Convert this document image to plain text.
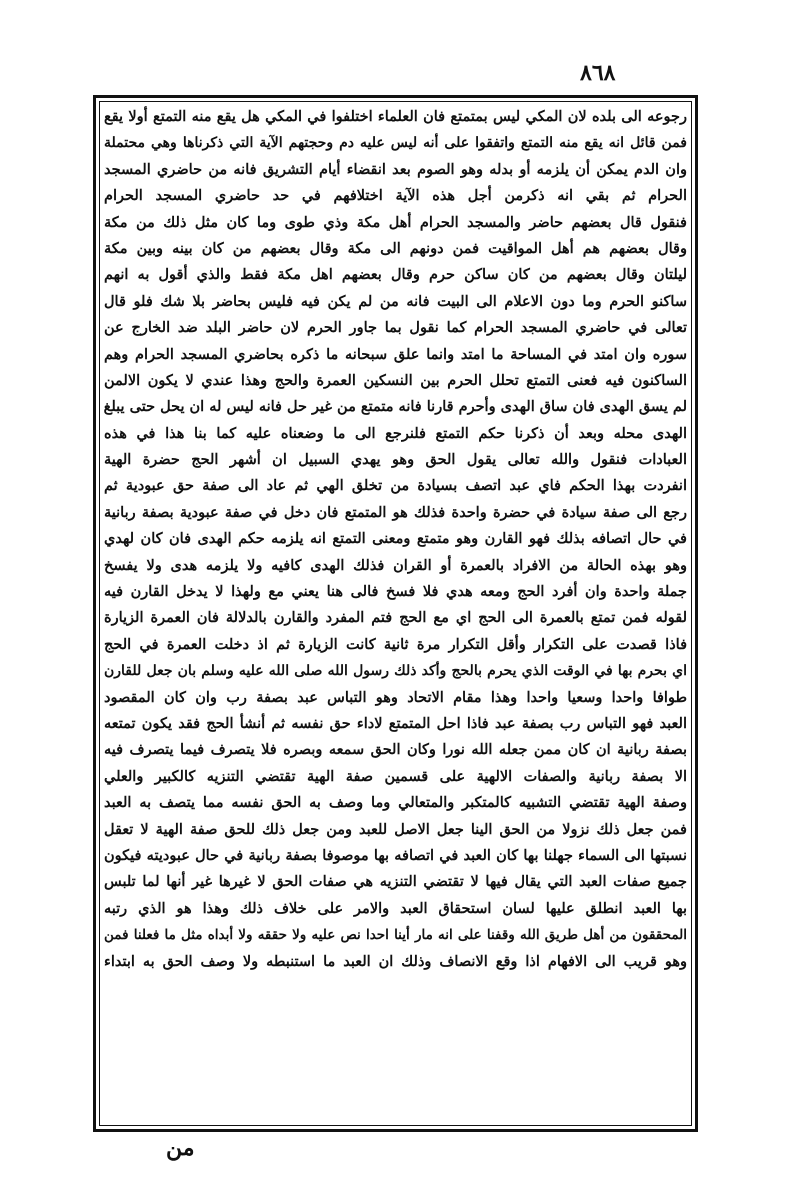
٨٦٨
رجوعه الى بلده لان المكي ليس بمتمتع فان العلماء اختلفوا في المكي هل يقع منه التمتع أولا يقع
فمن قائل انه يقع منه التمتع واتفقوا على أنه ليس عليه دم وحجتهم الآية التي ذكرناها وهي محتملة
وان الدم يمكن أن يلزمه أو بدله وهو الصوم بعد انقضاء أيام التشريق فانه من حاضري المسجد
الحرام ثم بقي انه ذكرمن أجل هذه الآية اختلافهم في حد حاضري المسجد الحرام
فنقول قال بعضهم حاضر والمسجد الحرام أهل مكة وذي طوى وما كان مثل ذلك من مكة
وقال بعضهم هم أهل المواقيت فمن دونهم الى مكة وقال بعضهم من كان بينه وبين مكة
ليلتان وقال بعضهم من كان ساكن حرم وقال بعضهم اهل مكة فقط والذي أقول به انهم
ساكنو الحرم وما دون الاعلام الى البيت فانه من لم يكن فيه فليس بحاضر بلا شك فلو قال
تعالى في حاضري المسجد الحرام كما نقول بما جاور الحرم لان حاضر البلد ضد الخارج عن
سوره وان امتد في المساحة ما امتد وانما علق سبحانه ما ذكره بحاضري المسجد الحرام وهم
الساكنون فيه فعنى التمتع تحلل الحرم بين النسكين العمرة والحج وهذا عندي لا يكون الالمن
لم يسق الهدى فان ساق الهدى وأحرم قارنا فانه متمتع من غير حل فانه ليس له ان يحل حتى يبلغ
الهدى محله وبعد أن ذكرنا حكم التمتع فلنرجع الى ما وضعناه عليه كما بنا هذا في هذه
العبادات فنقول والله تعالى يقول الحق وهو يهدي السبيل ان أشهر الحج حضرة الهية
انفردت بهذا الحكم فاي عبد اتصف بسيادة من تخلق الهي ثم عاد الى صفة حق عبودية ثم
رجع الى صفة سيادة في حضرة واحدة فذلك هو المتمتع فان دخل في صفة عبودية بصفة ربانية
في حال اتصافه بذلك فهو القارن وهو متمتع ومعنى التمتع انه يلزمه حكم الهدى فان كان لهدي
وهو بهذه الحالة من الافراد بالعمرة أو القران فذلك الهدى كافيه ولا يلزمه هدى ولا يفسخ
جملة واحدة وان أفرد الحج ومعه هدي فلا فسخ فالى هنا يعني مع ولهذا لا يدخل القارن فيه
لقوله فمن تمتع بالعمرة الى الحج اي مع الحج فتم المفرد والقارن بالدلالة فان العمرة الزيارة
فاذا قصدت على التكرار وأقل التكرار مرة ثانية كانت الزيارة ثم اذ دخلت العمرة في الحج
اي بحرم بها في الوقت الذي يحرم بالحج وأكد ذلك رسول الله صلى الله عليه وسلم بان جعل للقارن
طوافا واحدا وسعيا واحدا وهذا مقام الاتحاد وهو التباس عبد بصفة رب وان كان المقصود
العبد فهو التباس رب بصفة عبد فاذا احل المتمتع لاداء حق نفسه ثم أنشأ الحج فقد يكون تمتعه
بصفة ربانية ان كان ممن جعله الله نورا وكان الحق سمعه وبصره فلا يتصرف فيما يتصرف فيه
الا بصفة ربانية والصفات الالهية على قسمين صفة الهية تقتضي التنزيه كالكبير والعلي
وصفة الهية تقتضي التشبيه كالمتكبر والمتعالي وما وصف به الحق نفسه مما يتصف به العبد
فمن جعل ذلك نزولا من الحق الينا جعل الاصل للعبد ومن جعل ذلك للحق صفة الهية لا تعقل
نسبتها الى السماء جهلنا بها كان العبد في اتصافه بها موصوفا بصفة ربانية في حال عبوديته فيكون
جميع صفات العبد التي يقال فيها لا تقتضي التنزيه هي صفات الحق لا غيرها غير أنها لما تلبس
بها العبد انطلق عليها لسان استحقاق العبد والامر على خلاف ذلك وهذا هو الذي رتبه
المحققون من أهل طريق الله وقفنا على انه مار أينا احدا نص عليه ولا حققه ولا أبداه مثل ما فعلنا فمن
وهو قريب الى الافهام اذا وقع الانصاف وذلك ان العبد ما استنبطه ولا وصف الحق به ابتداء
من
